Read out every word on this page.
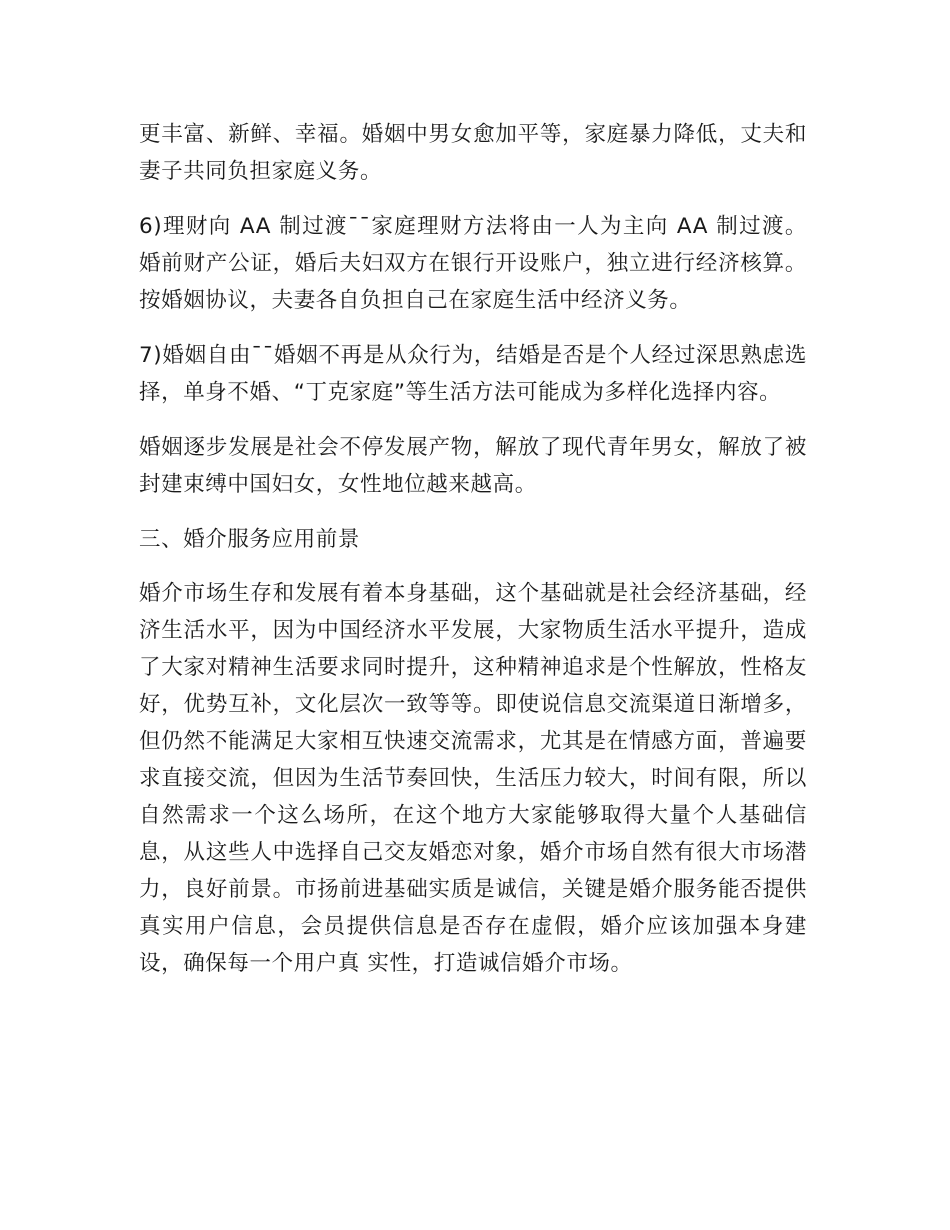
更丰富、新鲜、幸福。婚姻中男女愈加平等，家庭暴力降低，丈夫和妻子共同负担家庭义务。

6)理财向 AA 制过渡¯¯家庭理财方法将由一人为主向 AA 制过渡。婚前财产公证，婚后夫妇双方在银行开设账户，独立进行经济核算。按婚姻协议，夫妻各自负担自己在家庭生活中经济义务。

7)婚姻自由¯¯婚姻不再是从众行为，结婚是否是个人经过深思熟虑选择，单身不婚、“丁克家庭”等生活方法可能成为多样化选择内容。

婚姻逐步发展是社会不停发展产物，解放了现代青年男女，解放了被封建束缚中国妇女，女性地位越来越高。

三、婚介服务应用前景

婚介市场生存和发展有着本身基础，这个基础就是社会经济基础，经济生活水平，因为中国经济水平发展，大家物质生活水平提升，造成了大家对精神生活要求同时提升，这种精神追求是个性解放，性格友好，优势互补，文化层次一致等等。即使说信息交流渠道日渐增多，但仍然不能满足大家相互快速交流需求，尤其是在情感方面，普遍要求直接交流，但因为生活节奏回快，生活压力较大，时间有限，所以自然需求一个这么场所，在这个地方大家能够取得大量个人基础信息，从这些人中选择自己交友婚恋对象，婚介市场自然有很大市场潜力，良好前景。市扬前进基础实质是诚信，关键是婚介服务能否提供真实用户信息，会员提供信息是否存在虚假，婚介应该加强本身建设，确保每一个用户真 实性，打造诚信婚介市场。
